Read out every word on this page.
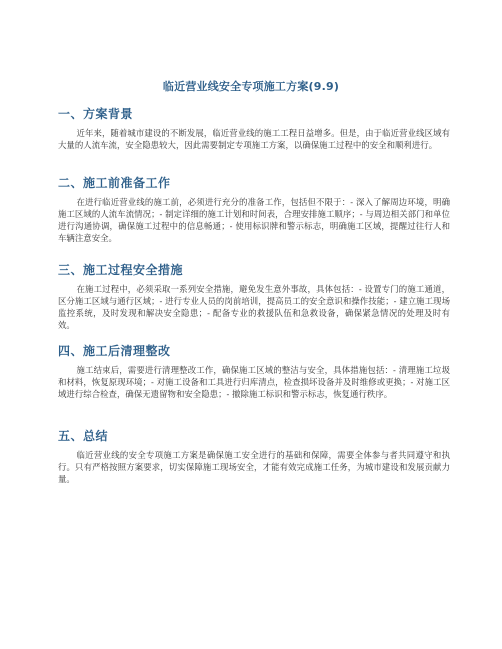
临近营业线安全专项施工方案(9.9)
一、方案背景

近年来，随着城市建设的不断发展，临近营业线的施工工程日益增多。但是，由于临近营业线区域有大量的人流车流，安全隐患较大，因此需要制定专项施工方案，以确保施工过程中的安全和顺利进行。

二、施工前准备工作

在进行临近营业线的施工前，必须进行充分的准备工作，包括但不限于：- 深入了解周边环境，明确施工区域的人流车流情况；- 制定详细的施工计划和时间表，合理安排施工顺序；- 与周边相关部门和单位进行沟通协调，确保施工过程中的信息畅通；- 使用标识牌和警示标志，明确施工区域，提醒过往行人和车辆注意安全。

三、施工过程安全措施

在施工过程中，必须采取一系列安全措施，避免发生意外事故，具体包括：- 设置专门的施工通道，区分施工区域与通行区域；- 进行专业人员的岗前培训，提高员工的安全意识和操作技能；- 建立施工现场监控系统，及时发现和解决安全隐患；- 配备专业的救援队伍和急救设备，确保紧急情况的处理及时有效。

四、施工后清理整改

施工结束后，需要进行清理整改工作，确保施工区域的整洁与安全，具体措施包括：- 清理施工垃圾和材料，恢复原现环境；- 对施工设备和工具进行归库清点，检查损坏设备并及时维修或更换；- 对施工区域进行综合检查，确保无遗留物和安全隐患；- 撤除施工标识和警示标志，恢复通行秩序。

五、总结

临近营业线的安全专项施工方案是确保施工安全进行的基础和保障，需要全体参与者共同遵守和执行。只有严格按照方案要求，切实保障施工现场安全，才能有效完成施工任务，为城市建设和发展贡献力量。
